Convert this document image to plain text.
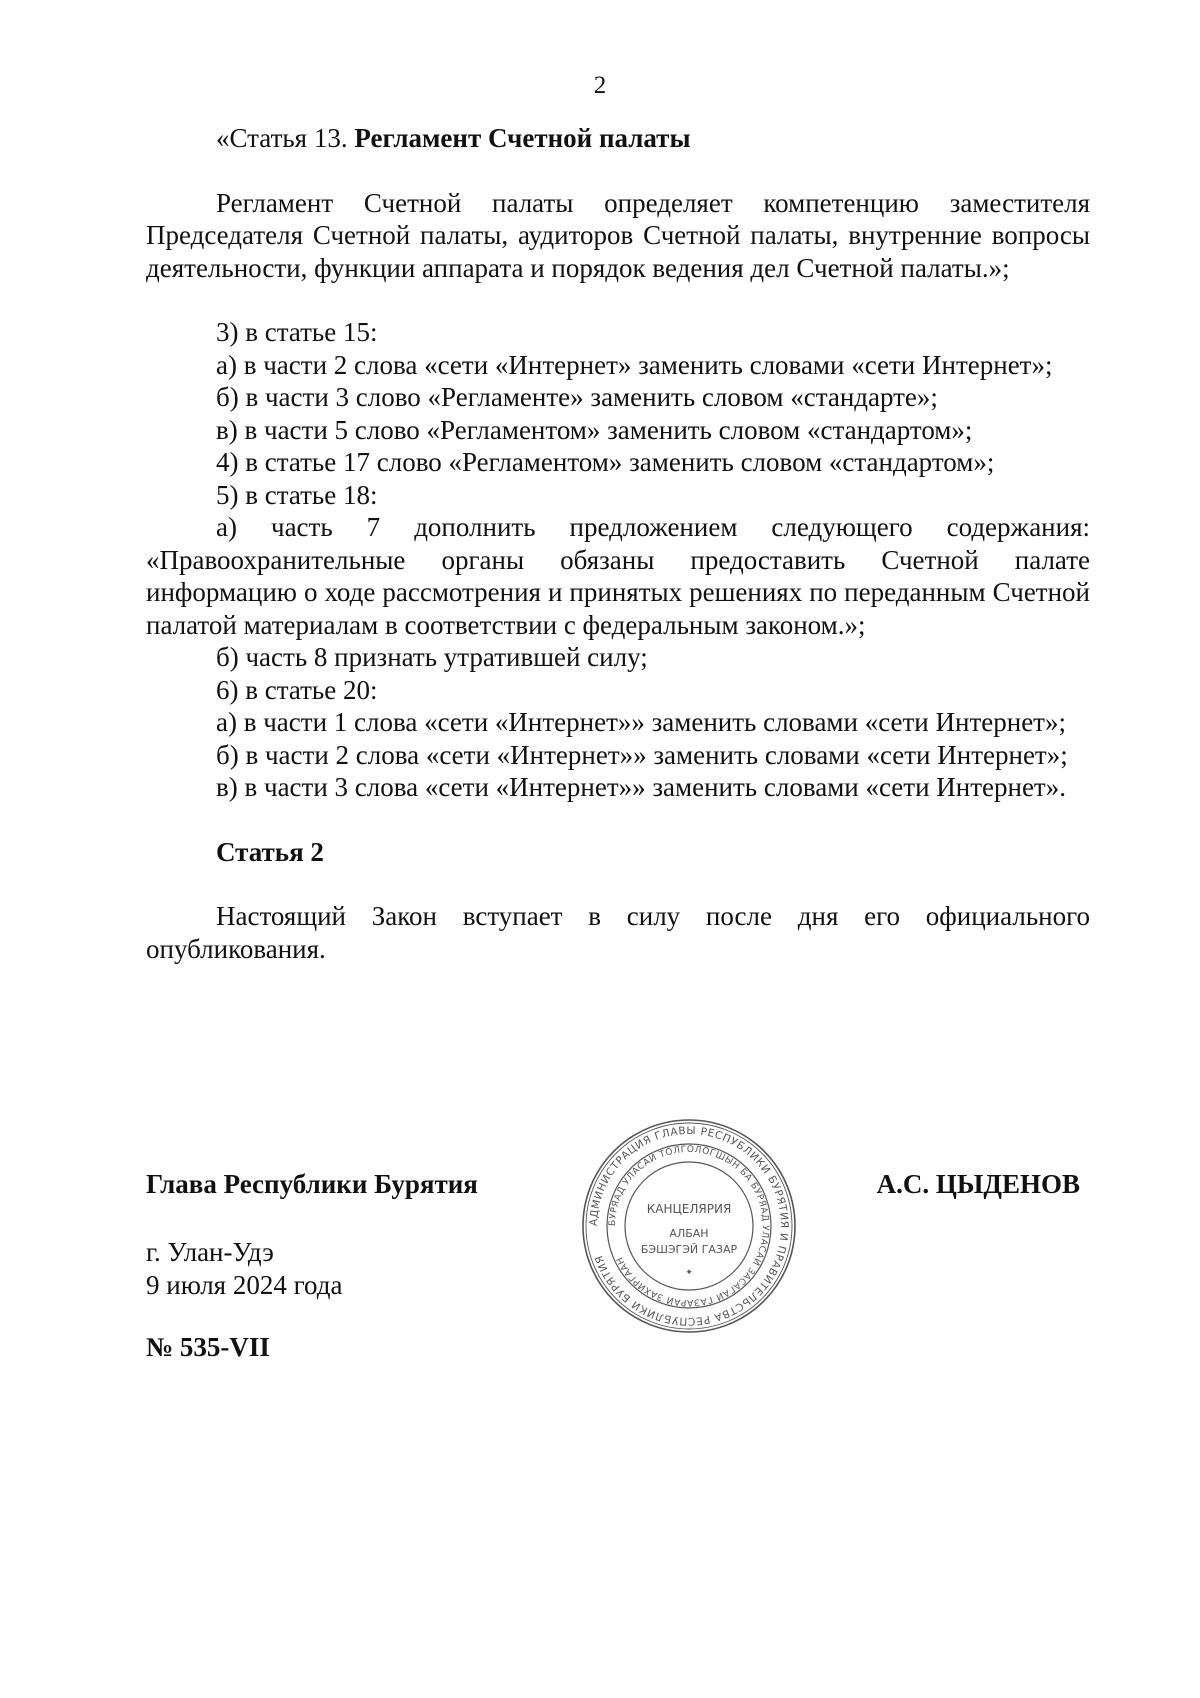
2

«Статья 13. Регламент Счетной палаты

Регламент Счетной палаты определяет компетенцию заместителя Председателя Счетной палаты, аудиторов Счетной палаты, внутренние вопросы деятельности, функции аппарата и порядок ведения дел Счетной палаты.»;

3) в статье 15:

а) в части 2 слова «сети «Интернет» заменить словами «сети Интернет»;

б) в части 3 слово «Регламенте» заменить словом «стандарте»;

в) в части 5 слово «Регламентом» заменить словом «стандартом»;

4) в статье 17 слово «Регламентом» заменить словом «стандартом»;

5) в статье 18:

а) часть 7 дополнить предложением следующего содержания: «Правоохранительные органы обязаны предоставить Счетной палате информацию о ходе рассмотрения и принятых решениях по переданным Счетной палатой материалам в соответствии с федеральным законом.»;

б) часть 8 признать утратившей силу;

6) в статье 20:

а) в части 1 слова «сети «Интернет»» заменить словами «сети Интернет»;

б) в части 2 слова «сети «Интернет»» заменить словами «сети Интернет»;

в) в части 3 слова «сети «Интернет»» заменить словами «сети Интернет».

Статья 2

Настоящий Закон вступает в силу после дня его официального опубликования.

Глава Республики Бурятия	А.С. ЦЫДЕНОВ
г. Улан-Удэ
9 июля 2024 года
№ 535-VII
АДМИНИСТРАЦИЯ ГЛАВЫ РЕСПУБЛИКИ БУРЯТИЯ И ПРАВИТЕЛЬСТВА РЕСПУБЛИКИ БУРЯТИЯ
БУРЯАД УЛАСАЙ ТОЛГОЛОГШЫН БА БУРЯАД УЛАСАЙ ЗАСАГАЙ ГАЗАРАЙ ЗАХИРГААН
КАНЦЕЛЯРИЯ
АЛБАН
БЭШЭГЭЙ ГАЗАР
✦
